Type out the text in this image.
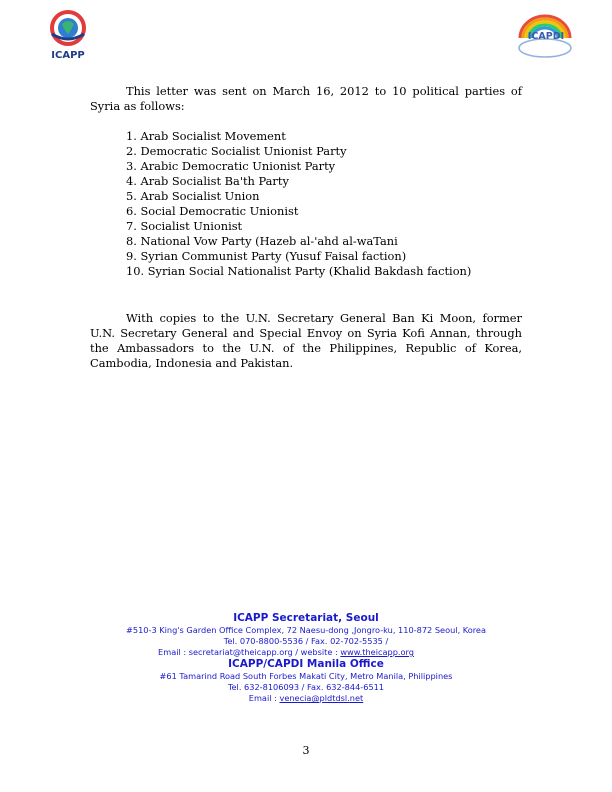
ICAPP
ICAPDI

This letter was sent on March 16, 2012 to 10 political parties of Syria as follows:

1. Arab Socialist Movement
2. Democratic Socialist Unionist Party
3. Arabic Democratic Unionist Party
4. Arab Socialist Ba'th Party
5. Arab Socialist Union
6. Social Democratic Unionist
7. Socialist Unionist
8. National Vow Party (Hazeb al-'ahd al-waTani
9. Syrian Communist Party (Yusuf Faisal faction)
10. Syrian Social Nationalist Party (Khalid Bakdash faction)

With copies to the U.N. Secretary General Ban Ki Moon, former U.N. Secretary General and Special Envoy on Syria Kofi Annan, through the Ambassadors to the U.N. of the Philippines, Republic of Korea, Cambodia, Indonesia and Pakistan.

ICAPP Secretariat, Seoul
#510-3 King's Garden Office Complex, 72 Naesu-dong ,Jongro-ku, 110-872 Seoul, Korea
Tel. 070-8800-5536 / Fax. 02-702-5535 /
Email : secretariat@theicapp.org / website : www.theicapp.org
ICAPP/CAPDI Manila Office
#61 Tamarind Road South Forbes Makati City, Metro Manila, Philippines
Tel. 632-8106093 / Fax. 632-844-6511
Email : venecia@pldtdsl.net
3
